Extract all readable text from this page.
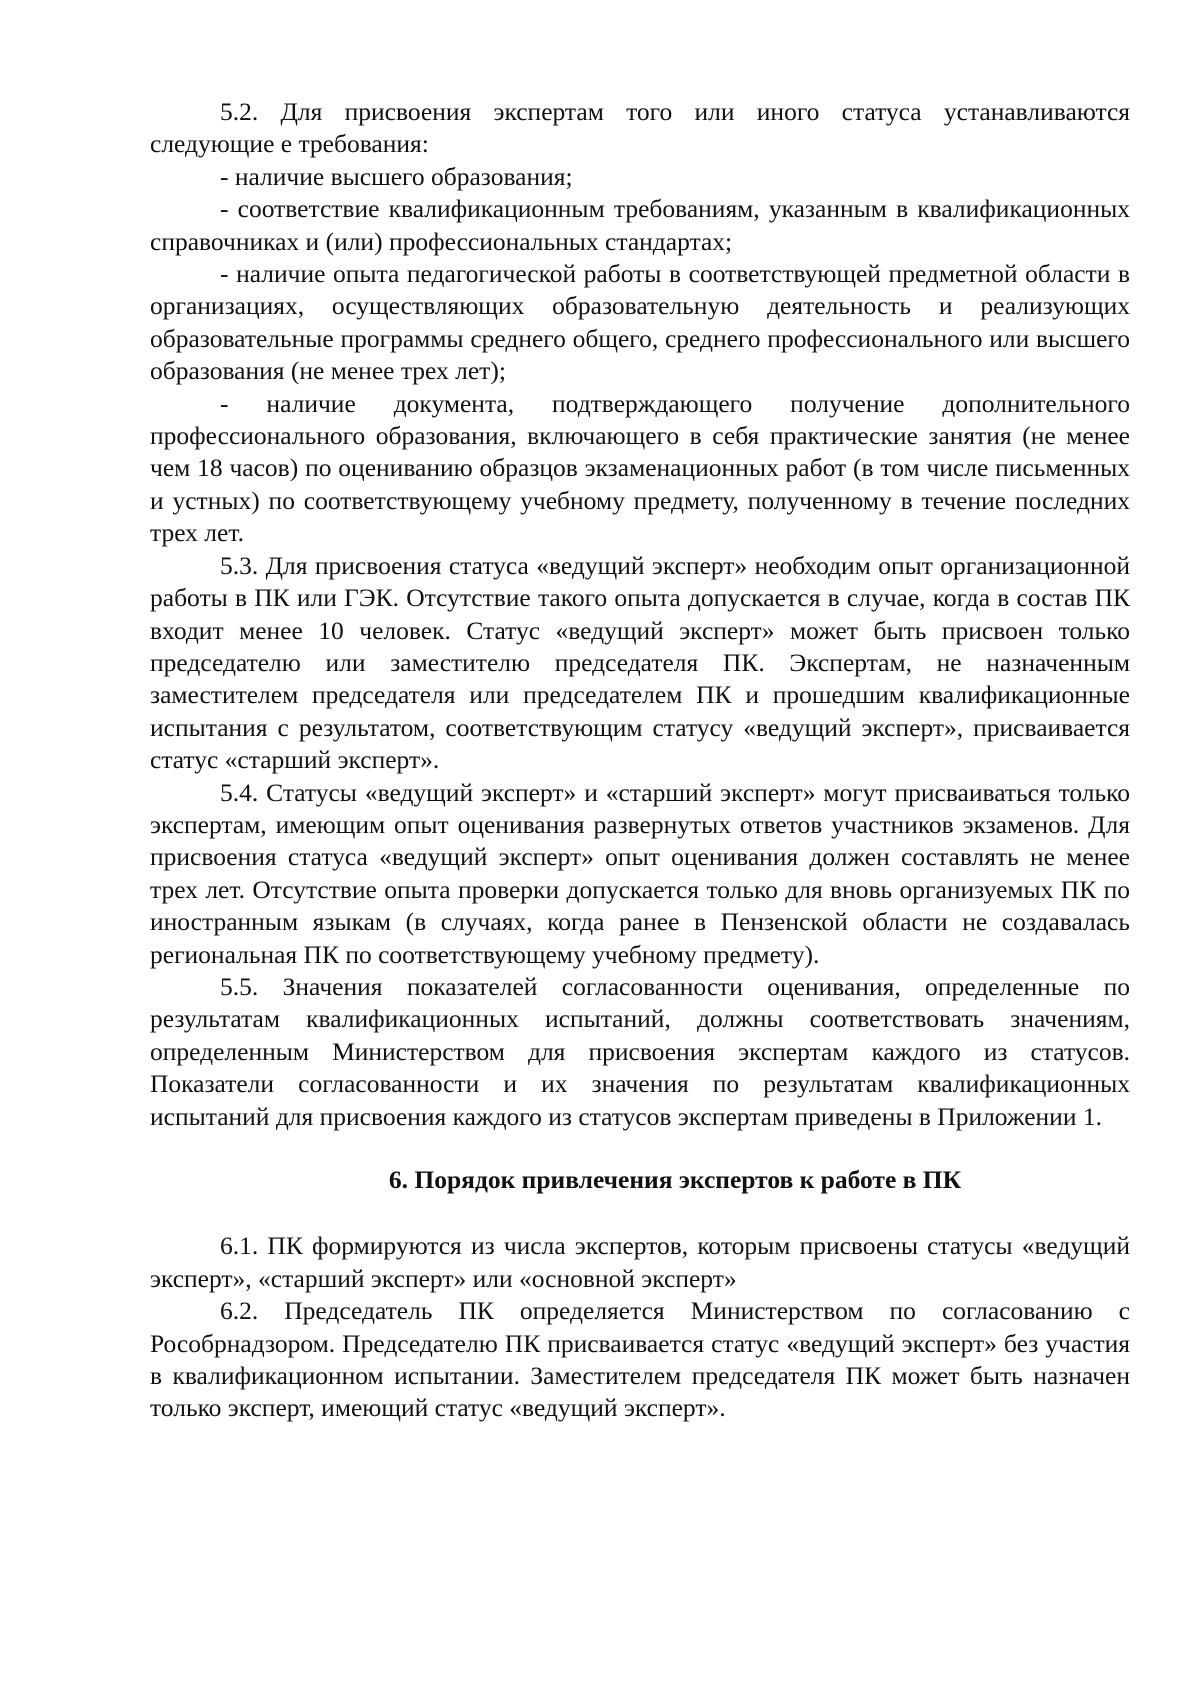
5.2. Для присвоения экспертам того или иного статуса устанавливаются следующие е требования:

- наличие высшего образования;

- соответствие квалификационным требованиям, указанным в квалификационных справочниках и (или) профессиональных стандартах;

- наличие опыта педагогической работы в соответствующей предметной области в организациях, осуществляющих образовательную деятельность и реализующих образовательные программы среднего общего, среднего профессионального или высшего образования (не менее трех лет);

- наличие документа, подтверждающего получение дополнительного профессионального образования, включающего в себя практические занятия (не менее чем 18 часов) по оцениванию образцов экзаменационных работ (в том числе письменных и устных) по соответствующему учебному предмету, полученному в течение последних трех лет.

5.3. Для присвоения статуса «ведущий эксперт» необходим опыт организационной работы в ПК или ГЭК. Отсутствие такого опыта допускается в случае, когда в состав ПК входит менее 10 человек. Статус «ведущий эксперт» может быть присвоен только председателю или заместителю председателя ПК. Экспертам, не назначенным заместителем председателя или председателем ПК и прошедшим квалификационные испытания с результатом, соответствующим статусу «ведущий эксперт», присваивается статус «старший эксперт».

5.4. Статусы «ведущий эксперт» и «старший эксперт» могут присваиваться только экспертам, имеющим опыт оценивания развернутых ответов участников экзаменов. Для присвоения статуса «ведущий эксперт» опыт оценивания должен составлять не менее трех лет. Отсутствие опыта проверки допускается только для вновь организуемых ПК по иностранным языкам (в случаях, когда ранее в Пензенской области не создавалась региональная ПК по соответствующему учебному предмету).

5.5. Значения показателей согласованности оценивания, определенные по результатам квалификационных испытаний, должны соответствовать значениям, определенным Министерством для присвоения экспертам каждого из статусов. Показатели согласованности и их значения по результатам квалификационных испытаний для присвоения каждого из статусов экспертам приведены в Приложении 1.

6. Порядок привлечения экспертов к работе в ПК

6.1. ПК формируются из числа экспертов, которым присвоены статусы «ведущий эксперт», «старший эксперт» или «основной эксперт»

6.2. Председатель ПК определяется Министерством по согласованию с Рособрнадзором. Председателю ПК присваивается статус «ведущий эксперт» без участия в квалификационном испытании. Заместителем председателя ПК может быть назначен только эксперт, имеющий статус «ведущий эксперт».
